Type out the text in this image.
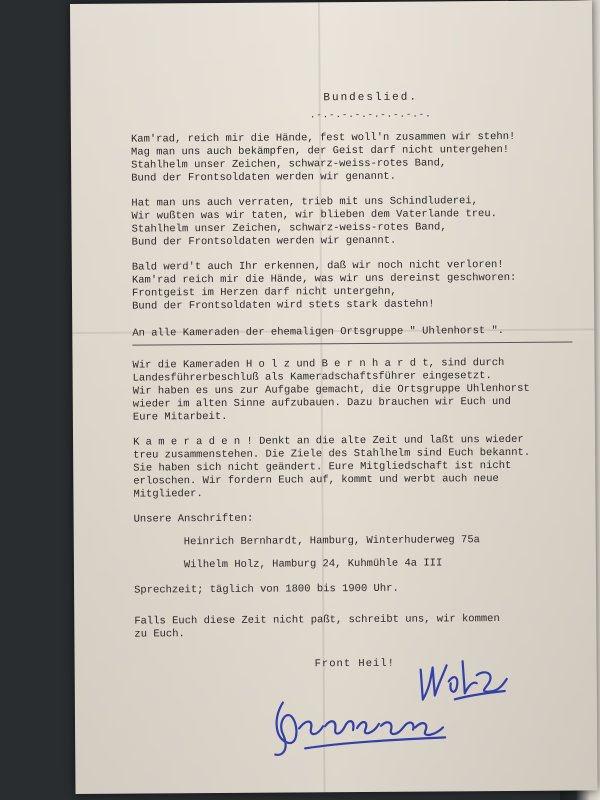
Bundeslied.
.-.-.-.-.-.-.-.-.-.
Kam'rad, reich mir die Hände, fest woll'n zusammen wir stehn!
Mag man uns auch bekämpfen, der Geist darf nicht untergehen!
Stahlhelm unser Zeichen, schwarz-weiss-rotes Band,
Bund der Frontsoldaten werden wir genannt.
Hat man uns auch verraten, trieb mit uns Schindluderei,
Wir wußten was wir taten, wir blieben dem Vaterlande treu.
Stahlhelm unser Zeichen, schwarz-weiss-rotes Band,
Bund der Frontsoldaten werden wir genannt.
Bald werd't auch Ihr erkennen, daß wir noch nicht verloren!
Kam'rad reich mir die Hände, was wir uns dereinst geschworen:
Frontgeist im Herzen darf nicht untergehn,
Bund der Frontsoldaten wird stets stark dastehn!
An alle Kameraden der ehemaligen Ortsgruppe " Uhlenhorst ".
Wir die Kameraden H o l z und B e r n h a r d t, sind durch
Landesführerbeschluß als Kameradschaftsführer eingesetzt.
Wir haben es uns zur Aufgabe gemacht, die Ortsgruppe Uhlenhorst
wieder im alten Sinne aufzubauen. Dazu brauchen wir Euch und
Eure Mitarbeit.
K a m e r a d e n ! Denkt an die alte Zeit und laßt uns wieder
treu zusammenstehen. Die Ziele des Stahlhelm sind Euch bekannt.
Sie haben sich nicht geändert. Eure Mitgliedschaft ist nicht
erloschen. Wir fordern Euch auf, kommt und werbt auch neue
Mitglieder.
Unsere Anschriften:
Heinrich Bernhardt, Hamburg, Winterhuderweg 75a
Wilhelm Holz, Hamburg 24, Kuhmühle 4a III
Sprechzeit; täglich von 1800 bis 1900 Uhr.
Falls Euch diese Zeit nicht paßt, schreibt uns, wir kommen
zu Euch.
Front Heil!
